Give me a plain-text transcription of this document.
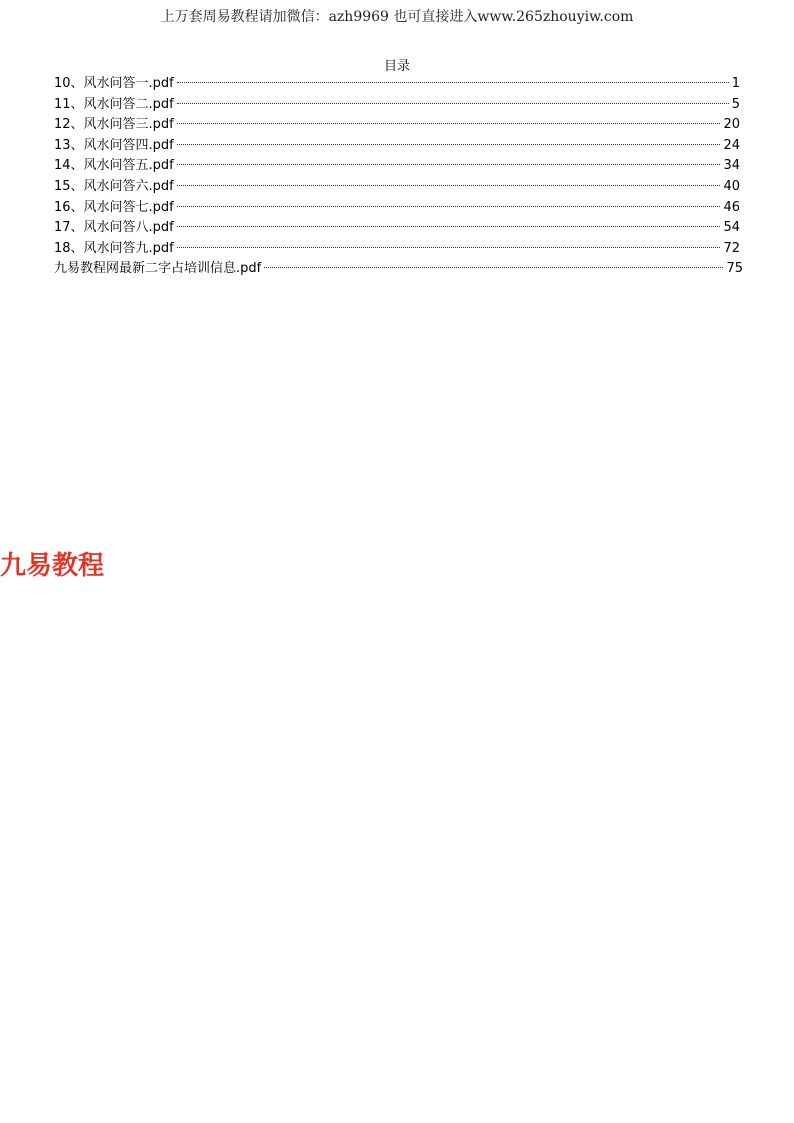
上万套周易教程请加微信：azh9969 也可直接进入www.265zhouyiw.com
目录
10、风水问答一.pdf	1
11、风水问答二.pdf	5
12、风水问答三.pdf	20
13、风水问答四.pdf	24
14、风水问答五.pdf	34
15、风水问答六.pdf	40
16、风水问答七.pdf	46
17、风水问答八.pdf	54
18、风水问答九.pdf	72
九易教程网最新二字占培训信息.pdf	75
九易教程
